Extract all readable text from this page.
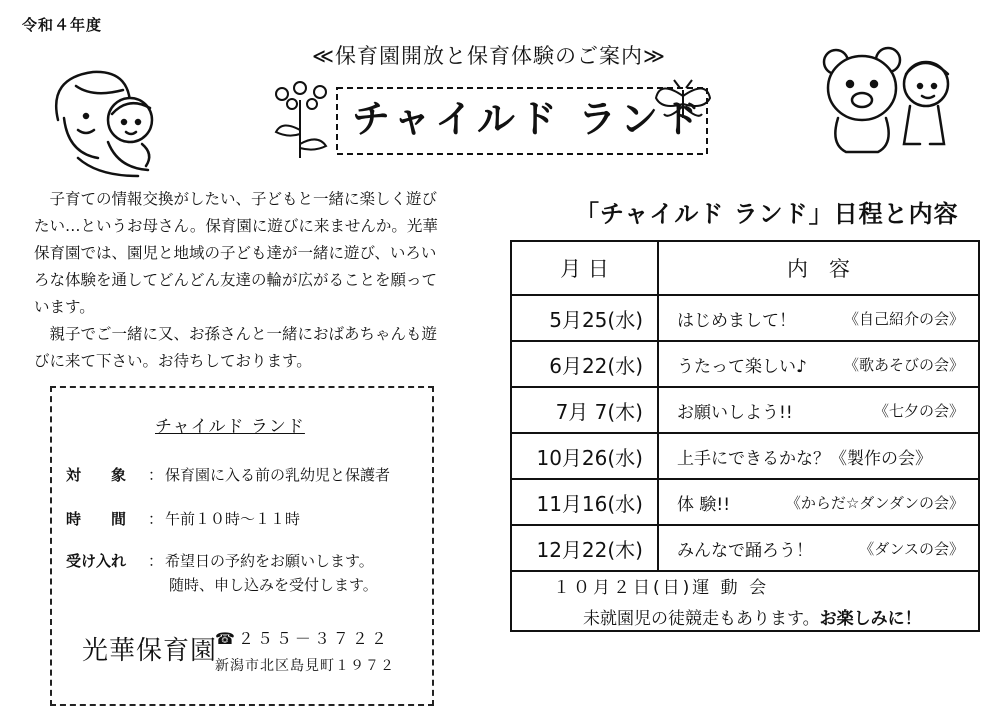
令和４年度
≪保育園開放と保育体験のご案内≫
チャイルド ランド

子育ての情報交換がしたい、子どもと一緒に楽しく遊びたい…というお母さん。保育園に遊びに来ませんか。光華保育園では、園児と地域の子ども達が一緒に遊び、いろいろな体験を通してどんどん友達の輪が広がることを願っています。

親子でご一緒に又、お孫さんと一緒におばあちゃんも遊びに来て下さい。お待ちしております。

チャイルド ランド
対　　象 ： 保育園に入る前の乳幼児と保護者
時　　間 ： 午前１０時～１１時
受け入れ ： 希望日の予約をお願いします。
随時、申し込みを受付します。
光華保育園
☎２５５－３７２２
新潟市北区島見町１９７２
「チャイルド ランド」日程と内容
月 日	内　容
5月25(水)	はじめまして！ 《自己紹介の会》

6月22(水)	うたって楽しい♪ 《歌あそびの会》

7月 7(木)	お願いしよう!! 《七夕の会》

10月26(水)	上手にできるかな？《製作の会》

11月16(水)	体 験!! 《からだ☆ダンダンの会》

12月22(木)	みんなで踊ろう！ 《ダンスの会》

１０月２日(日)運 動 会
未就園児の徒競走もあります。お楽しみに！	
